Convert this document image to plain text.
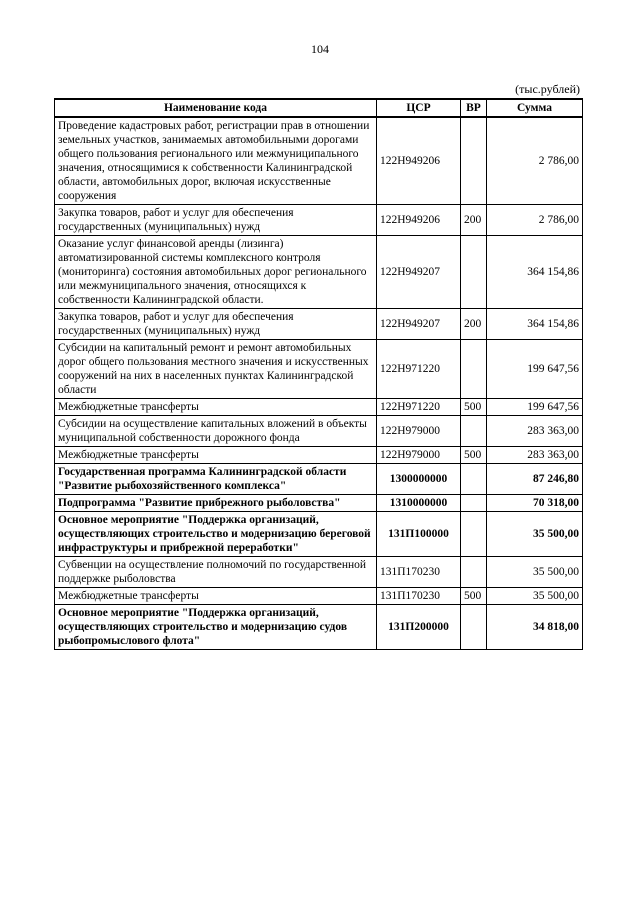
104
(тыс.рублей)
Наименование кода	ЦСР	ВР	Сумма
Проведение кадастровых работ, регистрации прав в отношении земельных участков, занимаемых автомобильными дорогами общего пользования регионального или межмуниципального значения, относящимися к собственности Калининградской области, автомобильных дорог, включая искусственные сооружения	122Н949206		2 786,00
Закупка товаров, работ и услуг для обеспечения государственных (муниципальных) нужд	122Н949206	200	2 786,00
Оказание услуг финансовой аренды (лизинга) автоматизированной системы комплексного контроля (мониторинга) состояния автомобильных дорог регионального или межмуниципального значения, относящихся к собственности Калининградской области.	122Н949207		364 154,86
Закупка товаров, работ и услуг для обеспечения государственных (муниципальных) нужд	122Н949207	200	364 154,86
Субсидии на капитальный ремонт и ремонт автомобильных дорог общего пользования местного значения и искусственных сооружений на них в населенных пунктах Калининградской области	122Н971220		199 647,56
Межбюджетные трансферты	122Н971220	500	199 647,56
Субсидии на осуществление капитальных вложений в объекты муниципальной собственности дорожного фонда	122Н979000		283 363,00
Межбюджетные трансферты	122Н979000	500	283 363,00
Государственная программа Калининградской области "Развитие рыбохозяйственного комплекса"	1300000000		87 246,80
Подпрограмма "Развитие прибрежного рыболовства"	1310000000		70 318,00
Основное мероприятие "Поддержка организаций, осуществляющих строительство и модернизацию береговой инфраструктуры и прибрежной переработки"	131П100000		35 500,00
Субвенции на осуществление полномочий по государственной поддержке рыболовства	131П170230		35 500,00
Межбюджетные трансферты	131П170230	500	35 500,00
Основное мероприятие "Поддержка организаций, осуществляющих строительство и модернизацию судов рыбопромыслового флота"	131П200000		34 818,00
